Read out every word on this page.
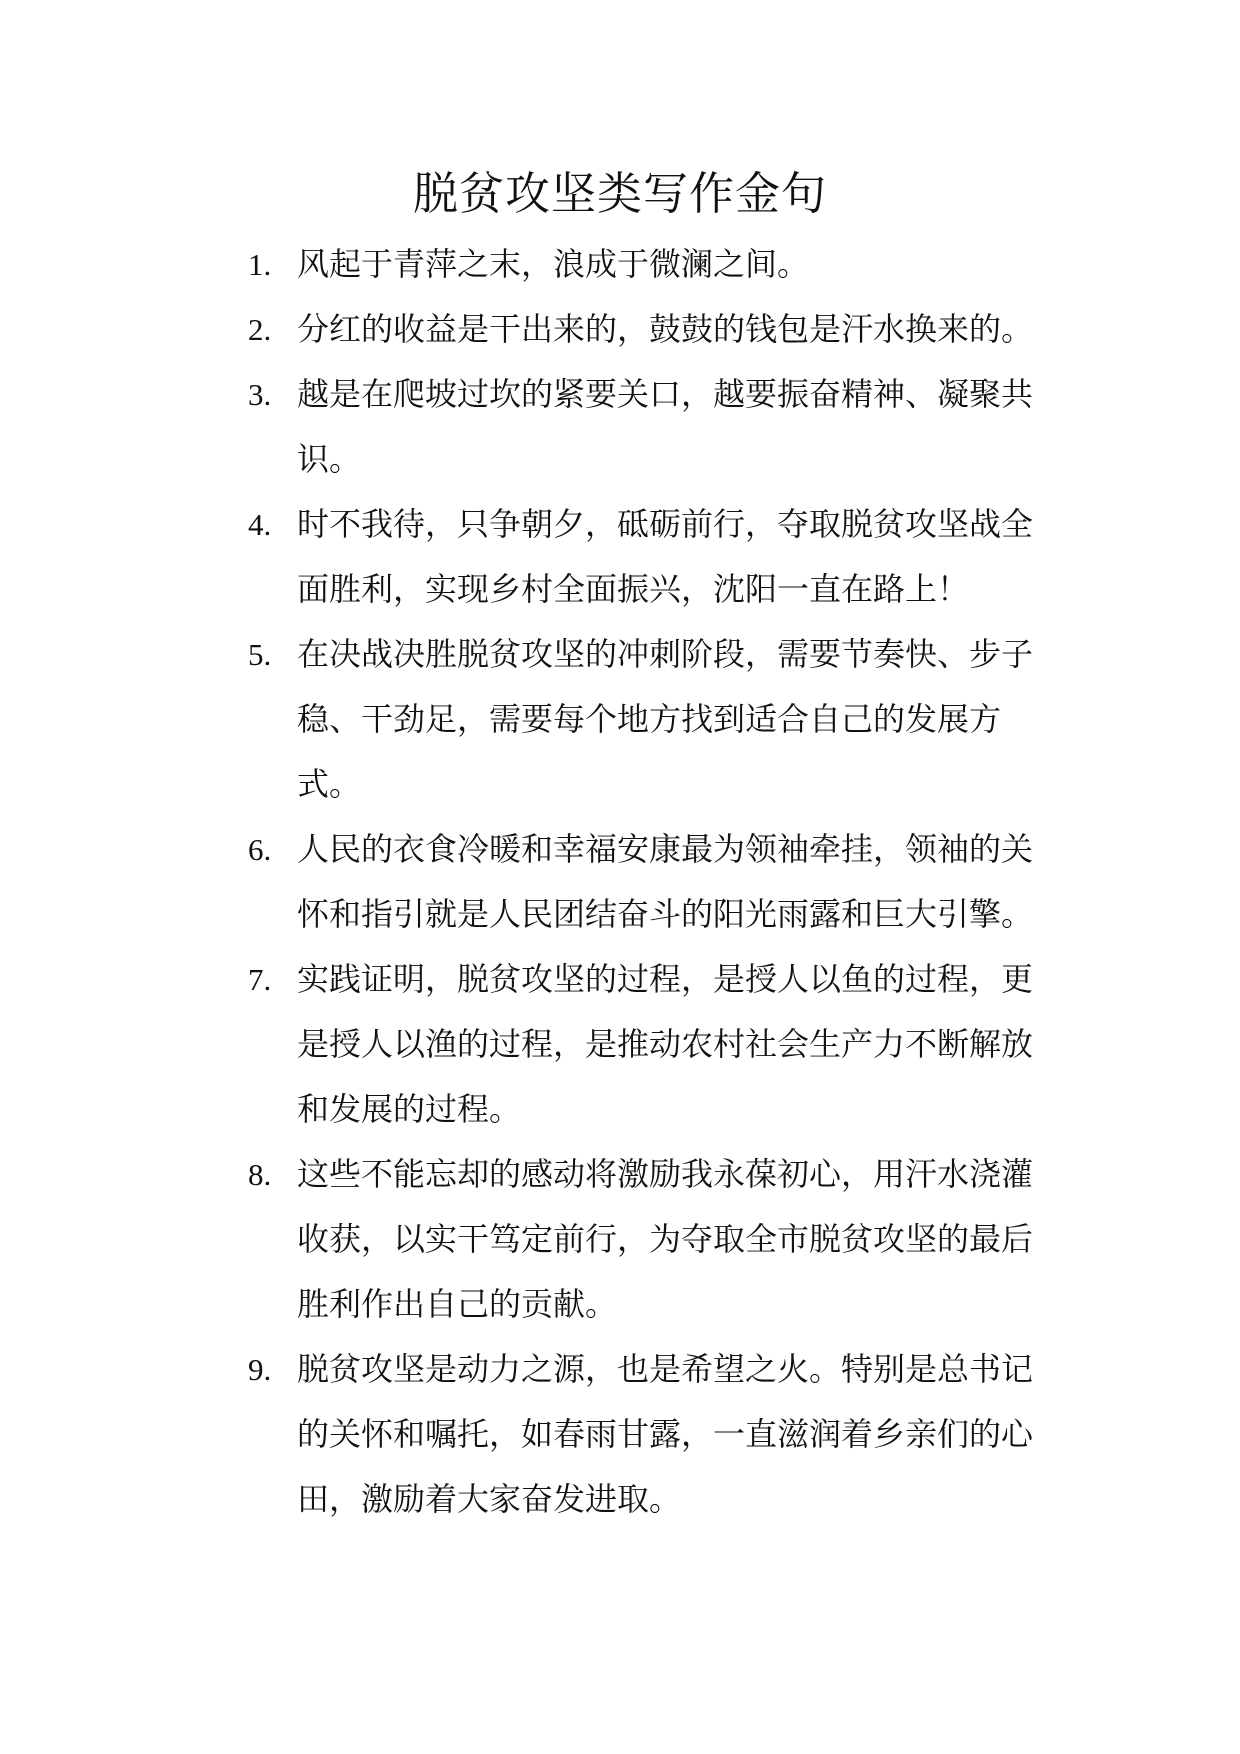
脱贫攻坚类写作金句
1. 风起于青萍之末，浪成于微澜之间。
2. 分红的收益是干出来的，鼓鼓的钱包是汗水换来的。
3. 越是在爬坡过坎的紧要关口，越要振奋精神、凝聚共识。
4. 时不我待，只争朝夕，砥砺前行，夺取脱贫攻坚战全面胜利，实现乡村全面振兴，沈阳一直在路上！
5. 在决战决胜脱贫攻坚的冲刺阶段，需要节奏快、步子稳、干劲足，需要每个地方找到适合自己的发展方式。
6. 人民的衣食冷暖和幸福安康最为领袖牵挂，领袖的关怀和指引就是人民团结奋斗的阳光雨露和巨大引擎。
7. 实践证明，脱贫攻坚的过程，是授人以鱼的过程，更是授人以渔的过程，是推动农村社会生产力不断解放和发展的过程。
8. 这些不能忘却的感动将激励我永葆初心，用汗水浇灌收获，以实干笃定前行，为夺取全市脱贫攻坚的最后胜利作出自己的贡献。
9. 脱贫攻坚是动力之源，也是希望之火。特别是总书记的关怀和嘱托，如春雨甘露，一直滋润着乡亲们的心田，激励着大家奋发进取。
